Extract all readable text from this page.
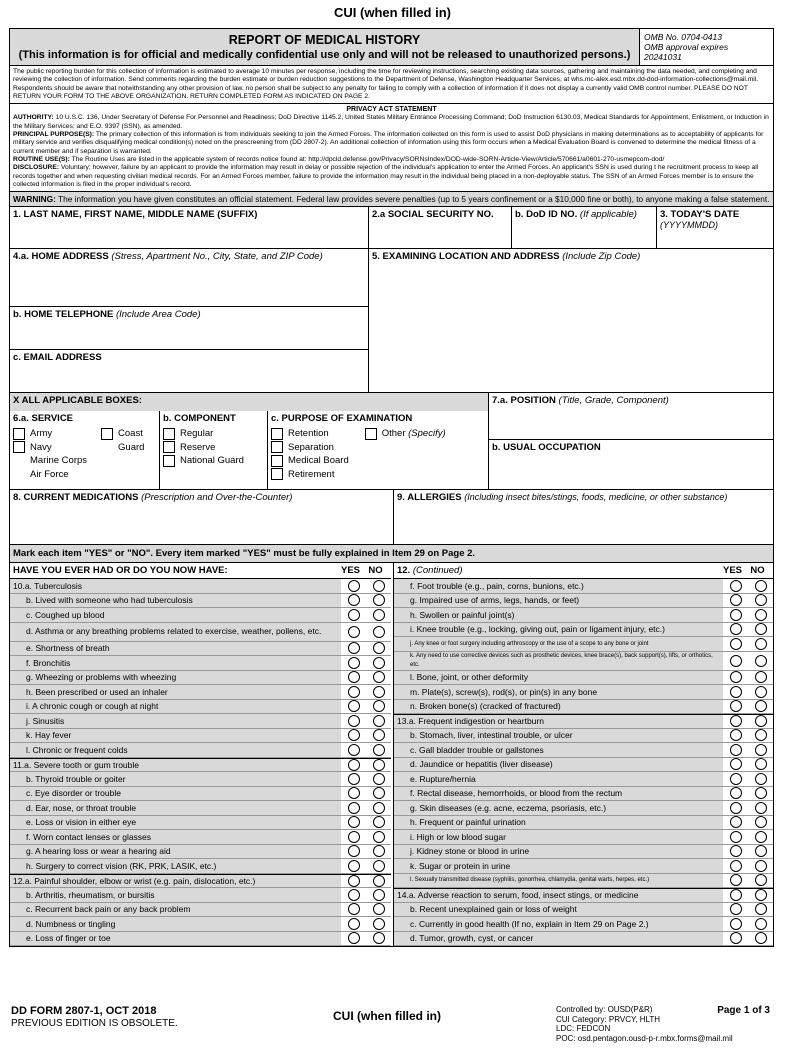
CUI (when filled in)
REPORT OF MEDICAL HISTORY
(This information is for official and medically confidential use only and will not be released to unauthorized persons.)
OMB No. 0704-0413
OMB approval expires
20241031
The public reporting burden for this collection of information is estimated to average 10 minutes per response, including the time for reviewing instructions, searching existing data sources, gathering and maintaining the data needed, and completing and reviewing the collection of information. Send comments regarding the burden estimate or burden reduction suggestions to the Department of Defense, Washington Headquarter Services, at whs.mc-alex.esd.mbx.dd-dod-information-collections@mail.mil. Respondents should be aware that notwithstanding any other provision of law, no person shall be subject to any penalty for failing to comply with a collection of information if it does not display a currently valid OMB control number. PLEASE DO NOT RETURN YOUR FORM TO THE ABOVE ORGANIZATION. RETURN COMPLETED FORM AS INDICATED ON PAGE 2.
PRIVACY ACT STATEMENT
AUTHORITY: 10 U.S.C. 136, Under Secretary of Defense For Personnel and Readiness; DoD Directive 1145.2, United States Military Entrance Processing Command; DoD Instruction 6130.03, Medical Standards for Appointment, Enlistment, or Induction in the Military Services; and E.O. 9397 (SSN), as amended.
PRINCIPAL PURPOSE(S): The primary collection of this information is from individuals seeking to join the Armed Forces. The information collected on this form is used to assist DoD physicians in making determinations as to acceptability of applicants for military service and verifies disqualifying medical condition(s) noted on the prescreening from (DD 2807-2). An additional collection of information using this form occurs when a Medical Evaluation Board is convened to determine the medical fitness of a current member and if separation is warranted.
ROUTINE USE(S): The Routine Uses are listed in the applicable system of records notice found at: http://dpcld.defense.gov/Privacy/SORNsIndex/DOD-wide-SORN-Article-View/Article/570661/a0601-270-usmepcom-dod/
DISCLOSURE: Voluntary; however, failure by an applicant to provide the information may result in delay or possible rejection of the individual's application to enter the Armed Forces. An applicant's SSN is used during t he recruitment process to keep all records together and when requesting civilian medical records. For an Armed Forces member, failure to provide the information may result in the individual being placed in a non-deployable status. The SSN of an Armed Forces member is to ensure the collected information is filed in the proper individual's record.
WARNING: The information you have given constitutes an official statement. Federal law provides severe penalties (up to 5 years confinement or a $10,000 fine or both), to anyone making a false statement.
1. LAST NAME, FIRST NAME, MIDDLE NAME (SUFFIX)	2.a SOCIAL SECURITY NO.	b. DoD ID NO. (If applicable)	3. TODAY'S DATE
(YYYYMMDD)
4.a. HOME ADDRESS (Stress, Apartment No., City, State, and ZIP Code)
b. HOME TELEPHONE (Include Area Code)
c. EMAIL ADDRESS
5. EXAMINING LOCATION AND ADDRESS (Include Zip Code)
X ALL APPLICABLE BOXES:
6.a. SERVICE
Army
Navy
Marine Corps
Air Force
Coast
Guard
b. COMPONENT
Regular
Reserve
National Guard
c. PURPOSE OF EXAMINATION
Retention
Separation
Medical Board
Retirement
Other
(Specify)
7.a. POSITION (Title, Grade, Component)
b. USUAL OCCUPATION
8. CURRENT MEDICATIONS (Prescription and Over-the-Counter)	9. ALLERGIES (Including insect bites/stings, foods, medicine, or other substance)
Mark each item "YES" or "NO". Every item marked "YES" must be fully explained in Item 29 on Page 2.
HAVE YOU EVER HAD OR DO YOU NOW HAVE:	YES NO
10.a. Tuberculosis
b. Lived with someone who had tuberculosis
c. Coughed up blood
d. Asthma or any breathing problems related to exercise, weather, pollens, etc.
e. Shortness of breath
f. Bronchitis
g. Wheezing or problems with wheezing
h. Been prescribed or used an inhaler
i. A chronic cough or cough at night
j. Sinusitis
k. Hay fever
l. Chronic or frequent colds
11.a. Severe tooth or gum trouble
b. Thyroid trouble or goiter
c. Eye disorder or trouble
d. Ear, nose, or throat trouble
e. Loss or vision in either eye
f. Worn contact lenses or glasses
g. A hearing loss or wear a hearing aid
h. Surgery to correct vision (RK, PRK, LASIK, etc.)
12.a. Painful shoulder, elbow or wrist (e.g. pain, dislocation, etc.)
b. Arthritis, rheumatism, or bursitis
c. Recurrent back pain or any back problem
d. Numbness or tingling
e. Loss of finger or toe
12. (Continued)	YES NO
f. Foot trouble (e.g., pain, corns, bunions, etc.)
g. Impaired use of arms, legs, hands, or feet)
h. Swollen or painful joint(s)
i. Knee trouble (e.g., locking, giving out, pain or ligament injury, etc.)
j. Any knee or foot surgery including arthroscopy or the use of a scope to any bone or joint
k. Any need to use corrective devices such as prosthetic devices, knee brace(s), back support(s), lifts, or orthotics, etc.
l. Bone, joint, or other deformity
m. Plate(s), screw(s), rod(s), or pin(s) in any bone
n. Broken bone(s) (cracked of fractured)
13.a. Frequent indigestion or heartburn
b. Stomach, liver, intestinal trouble, or ulcer
c. Gall bladder trouble or gallstones
d. Jaundice or hepatitis (liver disease)
e. Rupture/hernia
f. Rectal disease, hemorrhoids, or blood from the rectum
g. Skin diseases (e.g. acne, eczema, psoriasis, etc.)
h. Frequent or painful urination
i. High or low blood sugar
j. Kidney stone or blood in urine
k. Sugar or protein in urine
l. Sexually transmitted disease (syphilis, gonorrhea, chlamydia, genital warts, herpes, etc.)
14.a. Adverse reaction to serum, food, insect stings, or medicine
b. Recent unexplained gain or loss of weight
c. Currently in good health (If no, explain in Item 29 on Page 2.)
d. Tumor, growth, cyst, or cancer
DD FORM 2807-1, OCT 2018
PREVIOUS EDITION IS OBSOLETE.
CUI (when filled in)	Controlled by: OUSD(P&R)
CUI Category: PRVCY, HLTH
LDC: FEDCON
POC: osd.pentagon.ousd-p-r.mbx.forms@mail.mil
Page 1 of 3
